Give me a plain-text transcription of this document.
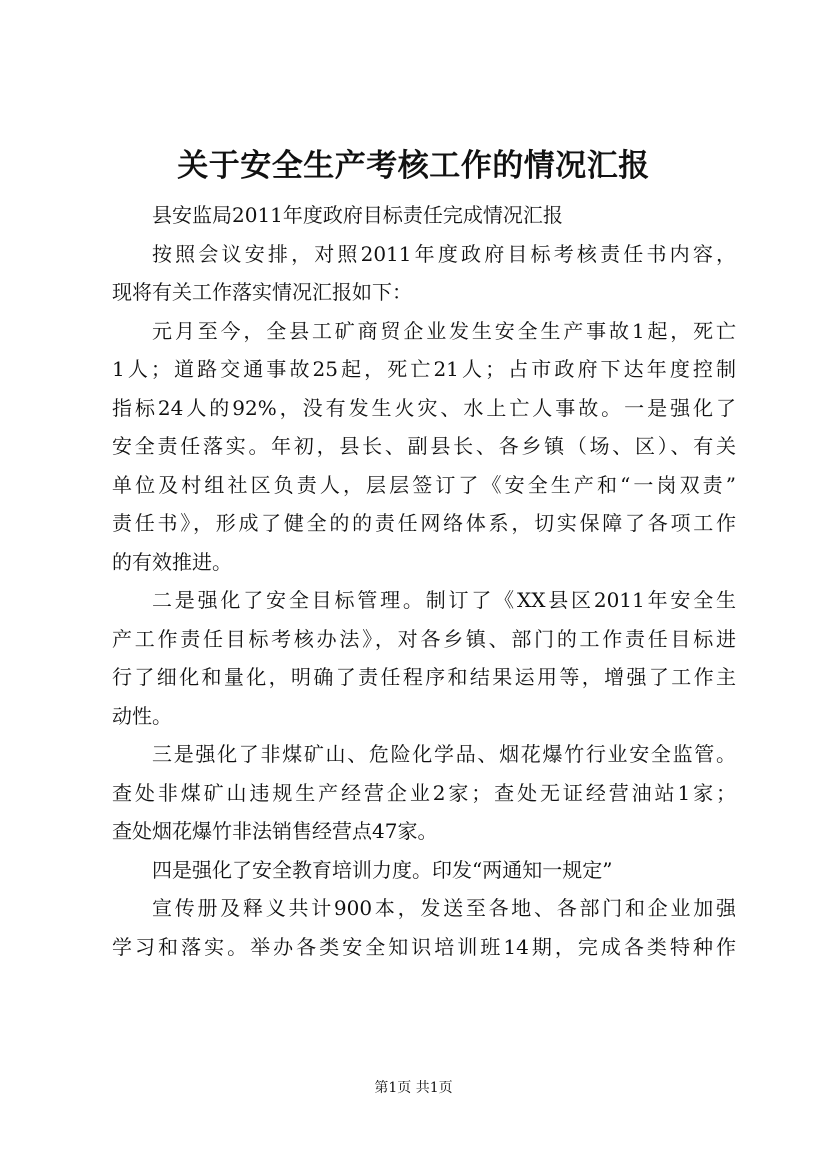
关于安全生产考核工作的情况汇报
县安监局2011年度政府目标责任完成情况汇报
按照会议安排，对照2011年度政府目标考核责任书内容，
现将有关工作落实情况汇报如下：
元月至今，全县工矿商贸企业发生安全生产事故1起，死亡
1人；道路交通事故25起，死亡21人；占市政府下达年度控制
指标24人的92%，没有发生火灾、水上亡人事故。一是强化了
安全责任落实。年初，县长、副县长、各乡镇（场、区）、有关
单位及村组社区负责人，层层签订了《安全生产和“一岗双责”
责任书》，形成了健全的的责任网络体系，切实保障了各项工作
的有效推进。
二是强化了安全目标管理。制订了《XX县区2011年安全生
产工作责任目标考核办法》，对各乡镇、部门的工作责任目标进
行了细化和量化，明确了责任程序和结果运用等，增强了工作主
动性。
三是强化了非煤矿山、危险化学品、烟花爆竹行业安全监管。
查处非煤矿山违规生产经营企业2家；查处无证经营油站1家；
查处烟花爆竹非法销售经营点47家。
四是强化了安全教育培训力度。印发“两通知一规定”
宣传册及释义共计900本，发送至各地、各部门和企业加强
学习和落实。举办各类安全知识培训班14期，完成各类特种作
第1页 共1页
